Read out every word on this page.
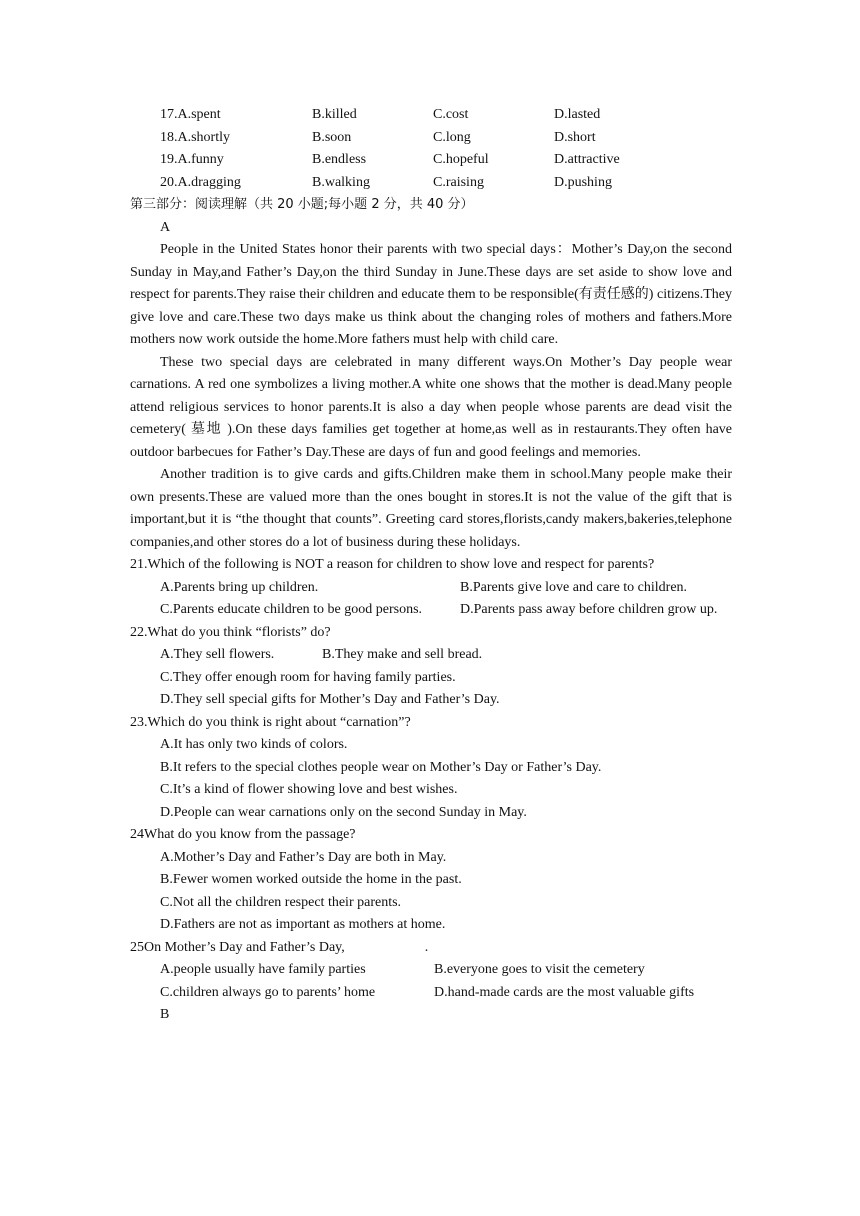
17.A.spent	B.killed	C.cost	D.lasted
18.A.shortly	B.soon	C.long	D.short
19.A.funny	B.endless	C.hopeful	D.attractive
20.A.dragging	B.walking	C.raising	D.pushing

第三部分：阅读理解（共 20 小题;每小题 2 分，共 40 分）

A

People in the United States honor their parents with two special days：Mother’s Day,on the second Sunday in May,and Father’s Day,on the third Sunday in June.These days are set aside to show love and respect for parents.They raise their children and educate them to be responsible(有责任感的) citizens.They give love and care.These two days make us think about the changing roles of mothers and fathers.More mothers now work outside the home.More fathers must help with child care.

These two special days are celebrated in many different ways.On Mother’s Day people wear carnations. A red one symbolizes a living mother.A white one shows that the mother is dead.Many people attend religious services to honor parents.It is also a day when people whose parents are dead visit the cemetery( 墓地 ).On these days families get together at home,as well as in restaurants.They often have outdoor barbecues for Father’s Day.These are days of fun and good feelings and memories.

Another tradition is to give cards and gifts.Children make them in school.Many people make their own presents.These are valued more than the ones bought in stores.It is not the value of the gift that is important,but it is “the thought that counts”. Greeting card stores,florists,candy makers,bakeries,telephone companies,and other stores do a lot of business during these holidays.

21.Which of the following is NOT a reason for children to show love and respect for parents?

A.Parents bring up children.	B.Parents give love and care to children.
C.Parents educate children to be good persons.	D.Parents pass away before children grow up.

22.What do you think “florists” do?

A.They sell flowers.	B.They make and sell bread.

C.They offer enough room for having family parties.

D.They sell special gifts for Mother’s Day and Father’s Day.

23.Which do you think is right about “carnation”?

A.It has only two kinds of colors.

B.It refers to the special clothes people wear on Mother’s Day or Father’s Day.

C.It’s a kind of flower showing love and best wishes.

D.People can wear carnations only on the second Sunday in May.

24What do you know from the passage?

A.Mother’s Day and Father’s Day are both in May.

B.Fewer women worked outside the home in the past.

C.Not all the children respect their parents.

D.Fathers are not as important as mothers at home.

25On Mother’s Day and Father’s Day,	.

A.people usually have family parties	B.everyone goes to visit the cemetery
C.children always go to parents’ home	D.hand-made cards are the most valuable gifts

B
